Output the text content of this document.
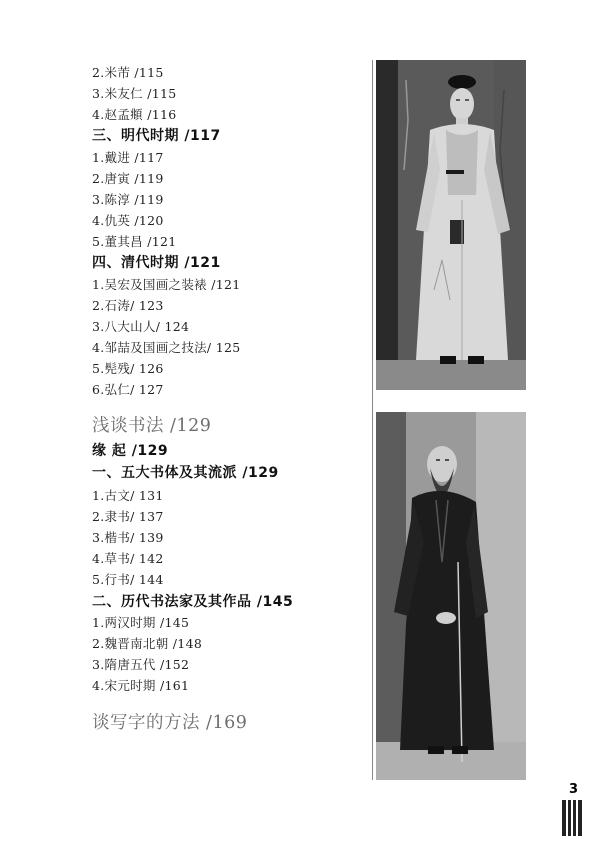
2.米芾 /115
3.米友仁 /115
4.赵孟頫 /116
三、明代时期 /117
1.戴进 /117
2.唐寅 /119
3.陈淳 /119
4.仇英 /120
5.董其昌 /121
四、清代时期 /121
1.吴宏及国画之装裱 /121
2.石涛/ 123
3.八大山人/ 124
4.邹喆及国画之技法/ 125
5.髡残/ 126
6.弘仁/ 127
浅谈书法 /129
缘 起 /129
一、五大书体及其流派 /129
1.古文/ 131
2.隶书/ 137
3.楷书/ 139
4.草书/ 142
5.行书/ 144
二、历代书法家及其作品 /145
1.两汉时期 /145
2.魏晋南北朝 /148
3.隋唐五代 /152
4.宋元时期 /161
谈写字的方法 /169
3
